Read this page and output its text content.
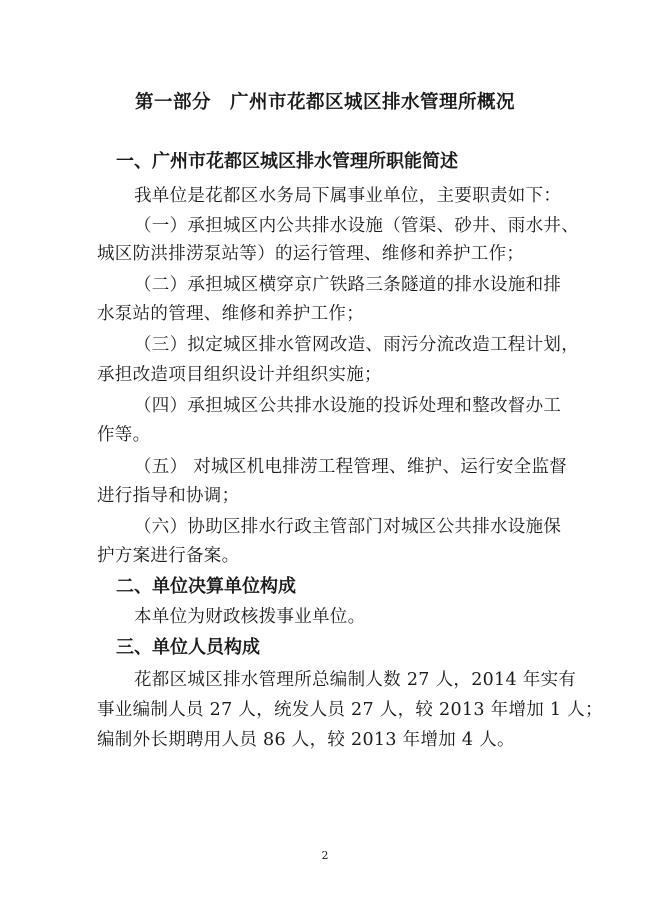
第一部分　广州市花都区城区排水管理所概况
一、广州市花都区城区排水管理所职能简述
我单位是花都区水务局下属事业单位，主要职责如下：
（一）承担城区内公共排水设施（管渠、砂井、雨水井、
城区防洪排涝泵站等）的运行管理、维修和养护工作；
（二）承担城区横穿京广铁路三条隧道的排水设施和排
水泵站的管理、维修和养护工作；
（三）拟定城区排水管网改造、雨污分流改造工程计划，
承担改造项目组织设计并组织实施；
（四）承担城区公共排水设施的投诉处理和整改督办工
作等。
（五） 对城区机电排涝工程管理、维护、运行安全监督
进行指导和协调；
（六）协助区排水行政主管部门对城区公共排水设施保
护方案进行备案。
二、单位决算单位构成
本单位为财政核拨事业单位。
三、单位人员构成
花都区城区排水管理所总编制人数 27 人，2014 年实有
事业编制人员 27 人，统发人员 27 人，较 2013 年增加 1 人；
编制外长期聘用人员 86 人，较 2013 年增加 4 人。
2
